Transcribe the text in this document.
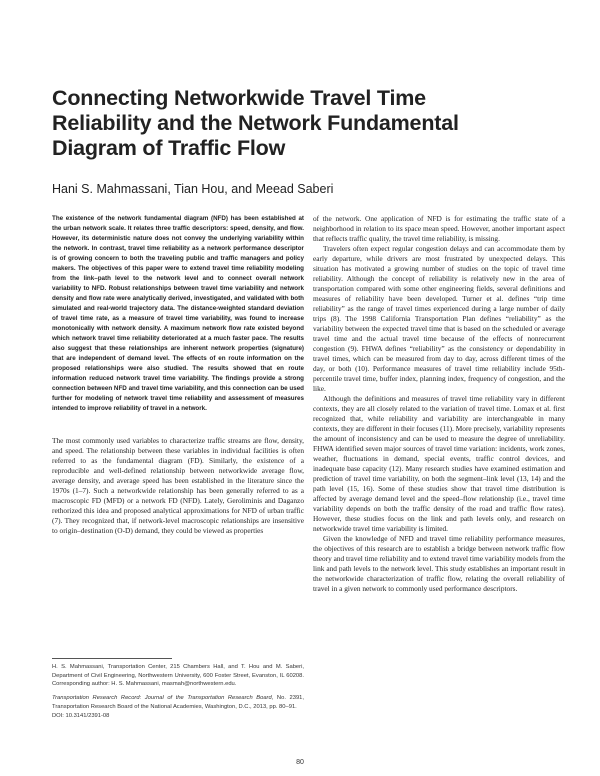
Connecting Networkwide Travel Time Reliability and the Network Fundamental Diagram of Traffic Flow
Hani S. Mahmassani, Tian Hou, and Meead Saberi

The existence of the network fundamental diagram (NFD) has been established at the urban network scale. It relates three traffic descriptors: speed, density, and flow. However, its deterministic nature does not convey the underlying variability within the network. In contrast, travel time reliability as a network performance descriptor is of growing concern to both the traveling public and traffic managers and policy makers. The objectives of this paper were to extend travel time reliability modeling from the link–path level to the network level and to connect overall network variability to NFD. Robust relationships between travel time variability and network density and flow rate were analytically derived, investigated, and validated with both simulated and real-world trajectory data. The distance-weighted standard deviation of travel time rate, as a measure of travel time variability, was found to increase monotonically with network density. A maximum network flow rate existed beyond which network travel time reliability deteriorated at a much faster pace. The results also suggest that these relationships are inherent network properties (signature) that are independent of demand level. The effects of en route information on the proposed relationships were also studied. The results showed that en route information reduced network travel time variability. The findings provide a strong connection between NFD and travel time variability, and this connection can be used further for modeling of network travel time reliability and assessment of measures intended to improve reliability of travel in a network.

The most commonly used variables to characterize traffic streams are flow, density, and speed. The relationship between these variables in individual facilities is often referred to as the fundamental diagram (FD). Similarly, the existence of a reproducible and well-defined relationship between networkwide average flow, average density, and average speed has been established in the literature since the 1970s (1–7). Such a networkwide relationship has been generally referred to as a macroscopic FD (MFD) or a network FD (NFD). Lately, Geroliminis and Daganzo rethorized this idea and proposed analytical approximations for NFD of urban traffic (7). They recognized that, if network-level macroscopic relationships are insensitive to origin–destination (O-D) demand, they could be viewed as properties

of the network. One application of NFD is for estimating the traffic state of a neighborhood in relation to its space mean speed. However, another important aspect that reflects traffic quality, the travel time reliability, is missing.

Travelers often expect regular congestion delays and can accommodate them by early departure, while drivers are most frustrated by unexpected delays. This situation has motivated a growing number of studies on the topic of travel time reliability. Although the concept of reliability is relatively new in the area of transportation compared with some other engineering fields, several definitions and measures of reliability have been developed. Turner et al. defines “trip time reliability” as the range of travel times experienced during a large number of daily trips (8). The 1998 California Transportation Plan defines “reliability” as the variability between the expected travel time that is based on the scheduled or average travel time and the actual travel time because of the effects of nonrecurrent congestion (9). FHWA defines “reliability” as the consistency or dependability in travel times, which can be measured from day to day, across different times of the day, or both (10). Performance measures of travel time reliability include 95th-percentile travel time, buffer index, planning index, frequency of congestion, and the like.

Although the definitions and measures of travel time reliability vary in different contexts, they are all closely related to the variation of travel time. Lomax et al. first recognized that, while reliability and variability are interchangeable in many contexts, they are different in their focuses (11). More precisely, variability represents the amount of inconsistency and can be used to measure the degree of unreliability. FHWA identified seven major sources of travel time variation: incidents, work zones, weather, fluctuations in demand, special events, traffic control devices, and inadequate base capacity (12). Many research studies have examined estimation and prediction of travel time variability, on both the segment–link level (13, 14) and the path level (15, 16). Some of these studies show that travel time distribution is affected by average demand level and the speed–flow relationship (i.e., travel time variability depends on both the traffic density of the road and traffic flow rates). However, these studies focus on the link and path levels only, and research on networkwide travel time variability is limited.

Given the knowledge of NFD and travel time reliability performance measures, the objectives of this research are to establish a bridge between network traffic flow theory and travel time reliability and to extend travel time variability models from the link and path levels to the network level. This study establishes an important result in the networkwide characterization of traffic flow, relating the overall reliability of travel in a given network to commonly used performance descriptors.

H. S. Mahmassani, Transportation Center, 215 Chambers Hall, and T. Hou and M. Saberi, Department of Civil Engineering, Northwestern University, 600 Foster Street, Evanston, IL 60208. Corresponding author: H. S. Mahmassani, masmah@northwestern.edu.

Transportation Research Record: Journal of the Transportation Research Board, No. 2391, Transportation Research Board of the National Academies, Washington, D.C., 2013, pp. 80–91.
DOI: 10.3141/2391-08

80
